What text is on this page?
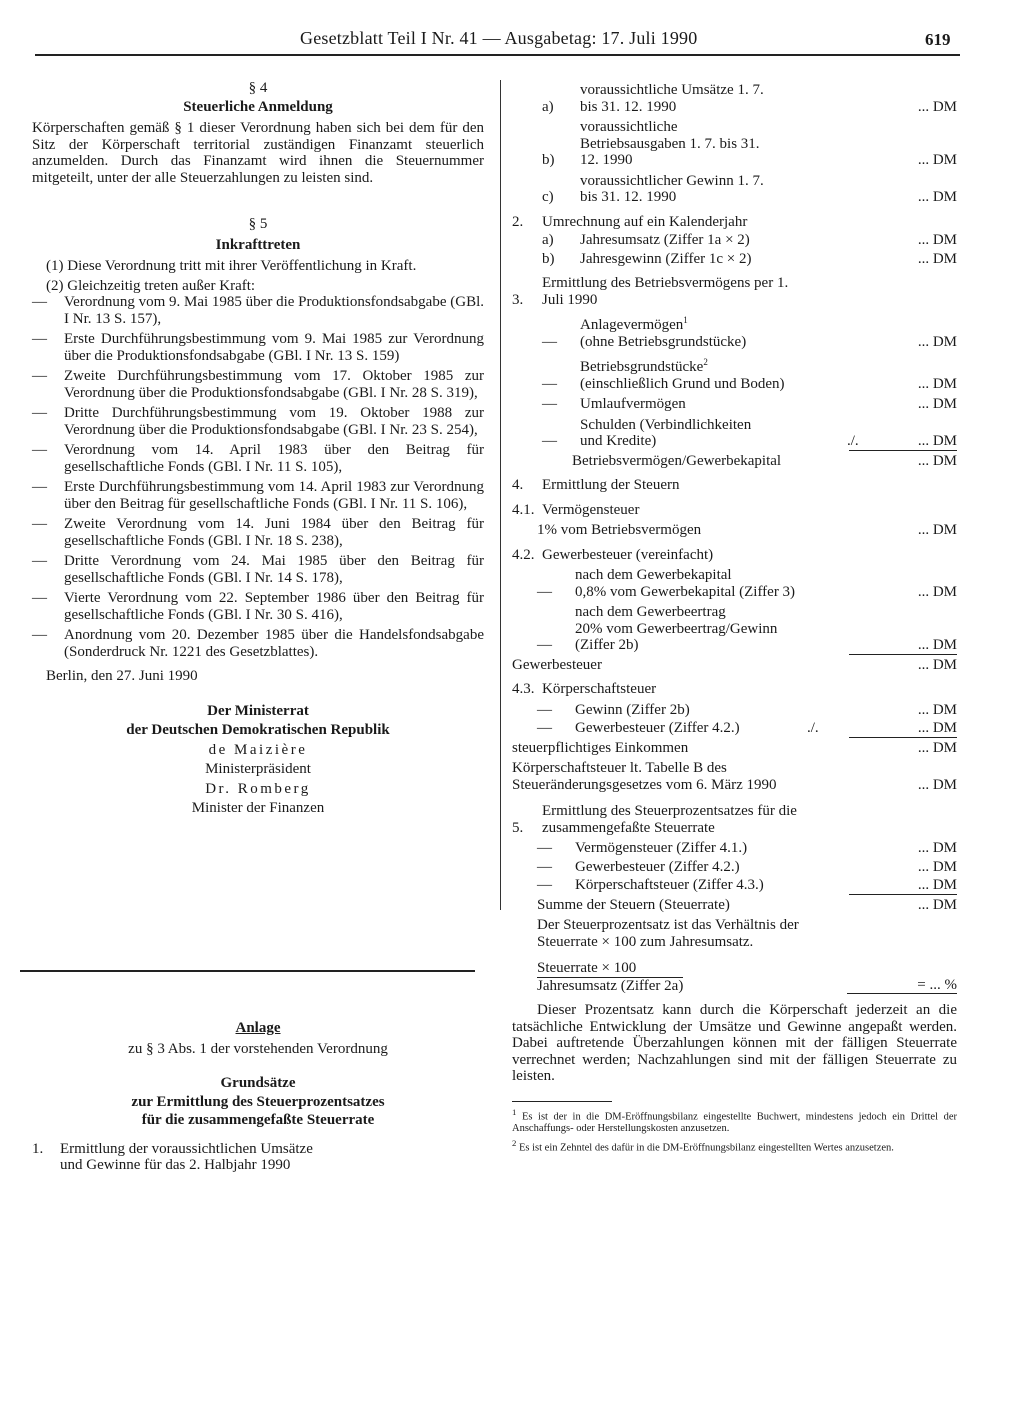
Gesetzblatt Teil I Nr. 41 — Ausgabetag: 17. Juli 1990	619
§ 4
Steuerliche Anmeldung
Körperschaften gemäß § 1 dieser Verordnung haben sich bei dem für den Sitz der Körperschaft territorial zuständigen Finanzamt steuerlich anzumelden. Durch das Finanzamt wird ihnen die Steuernummer mitgeteilt, unter der alle Steuerzahlungen zu leisten sind.
§ 5
Inkrafttreten
(1) Diese Verordnung tritt mit ihrer Veröffentlichung in Kraft.
(2) Gleichzeitig treten außer Kraft:
—	Verordnung vom 9. Mai 1985 über die Produktionsfondsabgabe (GBl. I Nr. 13 S. 157),
—	Erste Durchführungsbestimmung vom 9. Mai 1985 zur Verordnung über die Produktionsfondsabgabe (GBl. I Nr. 13 S. 159)
—	Zweite Durchführungsbestimmung vom 17. Oktober 1985 zur Verordnung über die Produktionsfondsabgabe (GBl. I Nr. 28 S. 319),
—	Dritte Durchführungsbestimmung vom 19. Oktober 1988 zur Verordnung über die Produktionsfondsabgabe (GBl. I Nr. 23 S. 254),
—	Verordnung vom 14. April 1983 über den Beitrag für gesellschaftliche Fonds (GBl. I Nr. 11 S. 105),
—	Erste Durchführungsbestimmung vom 14. April 1983 zur Verordnung über den Beitrag für gesellschaftliche Fonds (GBl. I Nr. 11 S. 106),
—	Zweite Verordnung vom 14. Juni 1984 über den Beitrag für gesellschaftliche Fonds (GBl. I Nr. 18 S. 238),
—	Dritte Verordnung vom 24. Mai 1985 über den Beitrag für gesellschaftliche Fonds (GBl. I Nr. 14 S. 178),
—	Vierte Verordnung vom 22. September 1986 über den Beitrag für gesellschaftliche Fonds (GBl. I Nr. 30 S. 416),
—	Anordnung vom 20. Dezember 1985 über die Handelsfondsabgabe (Sonderdruck Nr. 1221 des Gesetzblattes).
Berlin, den 27. Juni 1990
Der Ministerrat
der Deutschen Demokratischen Republik
de Maizière
Ministerpräsident
Dr. Romberg
Minister der Finanzen
Anlage
zu § 3 Abs. 1 der vorstehenden Verordnung
Grundsätze
zur Ermittlung des Steuerprozentsatzes
für die zusammengefaßte Steuerrate
1.	Ermittlung der voraussichtlichen Umsätze
und Gewinne für das 2. Halbjahr 1990
a)
voraussichtliche Umsätze 1. 7. bis 31. 12. 1990	... DM
b)
voraussichtliche Betriebsausgaben 1. 7. bis 31. 12. 1990	... DM
c)
voraussichtlicher Gewinn 1. 7. bis 31. 12. 1990	... DM
2.	Umrechnung auf ein Kalenderjahr
a)	Jahresumsatz (Ziffer 1a × 2)	... DM
b)	Jahresgewinn (Ziffer 1c × 2)	... DM
3.
Ermittlung des Betriebsvermögens per 1. Juli 1990
—
Anlagevermögen$^1$
(ohne Betriebsgrundstücke)	... DM
—
Betriebsgrundstücke$^2$
(einschließlich Grund und Boden)	... DM
—	Umlaufvermögen	... DM
—
Schulden (Verbindlichkeiten und Kredite)	./.	... DM
Betriebsvermögen/Gewerbekapital	... DM
4.	Ermittlung der Steuern
4.1. Vermögensteuer
1% vom Betriebsvermögen	... DM
4.2. Gewerbesteuer (vereinfacht)
—
nach dem Gewerbekapital
0,8% vom Gewerbekapital (Ziffer 3)	... DM
—
nach dem Gewerbeertrag
20% vom Gewerbeertrag/Gewinn
(Ziffer 2b)	... DM
Gewerbesteuer	... DM
4.3. Körperschaftsteuer
—	Gewinn (Ziffer 2b)	... DM
—	Gewerbesteuer (Ziffer 4.2.)	./.	... DM
steuerpflichtiges Einkommen	... DM
Körperschaftsteuer lt. Tabelle B des Steueränderungsgesetzes vom 6. März 1990	... DM
5.
Ermittlung des Steuerprozentsatzes für die zusammengefaßte Steuerrate
—	Vermögensteuer (Ziffer 4.1.)	... DM
—	Gewerbesteuer (Ziffer 4.2.)	... DM
—	Körperschaftsteuer (Ziffer 4.3.)	... DM
Summe der Steuern (Steuerrate)	... DM
Der Steuerprozentsatz ist das Verhältnis der Steuerrate × 100 zum Jahresumsatz.
Steuerrate × 100
Jahresumsatz (Ziffer 2a)	= ... %
Dieser Prozentsatz kann durch die Körperschaft jederzeit an die tatsächliche Entwicklung der Umsätze und Gewinne angepaßt werden. Dabei auftretende Überzahlungen können mit der fälligen Steuerrate verrechnet werden; Nachzahlungen sind mit der fälligen Steuerrate zu leisten.
$^1$ Es ist der in die DM-Eröffnungsbilanz eingestellte Buchwert, mindestens jedoch ein Drittel der Anschaffungs- oder Herstellungskosten anzusetzen.
$^2$ Es ist ein Zehntel des dafür in die DM-Eröffnungsbilanz eingestellten Wertes anzusetzen.
